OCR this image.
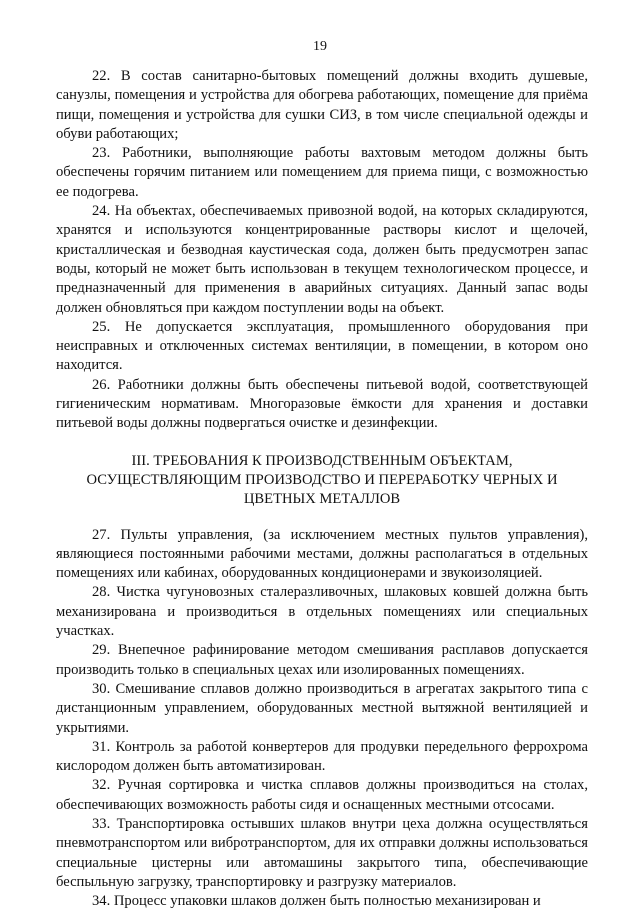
19

22. В состав санитарно-бытовых помещений должны входить душевые, санузлы, помещения и устройства для обогрева работающих, помещение для приёма пищи, помещения и устройства для сушки СИЗ, в том числе специальной одежды и обуви работающих;

23. Работники, выполняющие работы вахтовым методом должны быть обеспечены горячим питанием или помещением для приема пищи, с возможностью ее подогрева.

24. На объектах, обеспечиваемых привозной водой, на которых складируются, хранятся и используются концентрированные растворы кислот и щелочей, кристаллическая и безводная каустическая сода, должен быть предусмотрен запас воды, который не может быть использован в текущем технологическом процессе, и предназначенный для применения в аварийных ситуациях. Данный запас воды должен обновляться при каждом поступлении воды на объект.

25. Не допускается эксплуатация, промышленного оборудования при неисправных и отключенных системах вентиляции, в помещении, в котором оно находится.

26. Работники должны быть обеспечены питьевой водой, соответствующей гигиеническим нормативам. Многоразовые ёмкости для хранения и доставки питьевой воды должны подвергаться очистке и дезинфекции.

III. ТРЕБОВАНИЯ К ПРОИЗВОДСТВЕННЫМ ОБЪЕКТАМ,
ОСУЩЕСТВЛЯЮЩИМ ПРОИЗВОДСТВО И ПЕРЕРАБОТКУ ЧЕРНЫХ И
ЦВЕТНЫХ МЕТАЛЛОВ

27. Пульты управления, (за исключением местных пультов управления), являющиеся постоянными рабочими местами, должны располагаться в отдельных помещениях или кабинах, оборудованных кондиционерами и звукоизоляцией.

28. Чистка чугуновозных сталеразливочных, шлаковых ковшей должна быть механизирована и производиться в отдельных помещениях или специальных участках.

29. Внепечное рафинирование методом смешивания расплавов допускается производить только в специальных цехах или изолированных помещениях.

30. Смешивание сплавов должно производиться в агрегатах закрытого типа с дистанционным управлением, оборудованных местной вытяжной вентиляцией и укрытиями.

31. Контроль за работой конвертеров для продувки передельного феррохрома кислородом должен быть автоматизирован.

32. Ручная сортировка и чистка сплавов должны производиться на столах, обеспечивающих возможность работы сидя и оснащенных местными отсосами.

33. Транспортировка остывших шлаков внутри цеха должна осуществляться пневмотранспортом или вибротранспортом, для их отправки должны использоваться специальные цистерны или автомашины закрытого типа, обеспечивающие беспыльную загрузку, транспортировку и разгрузку материалов.

34. Процесс упаковки шлаков должен быть полностью механизирован и
